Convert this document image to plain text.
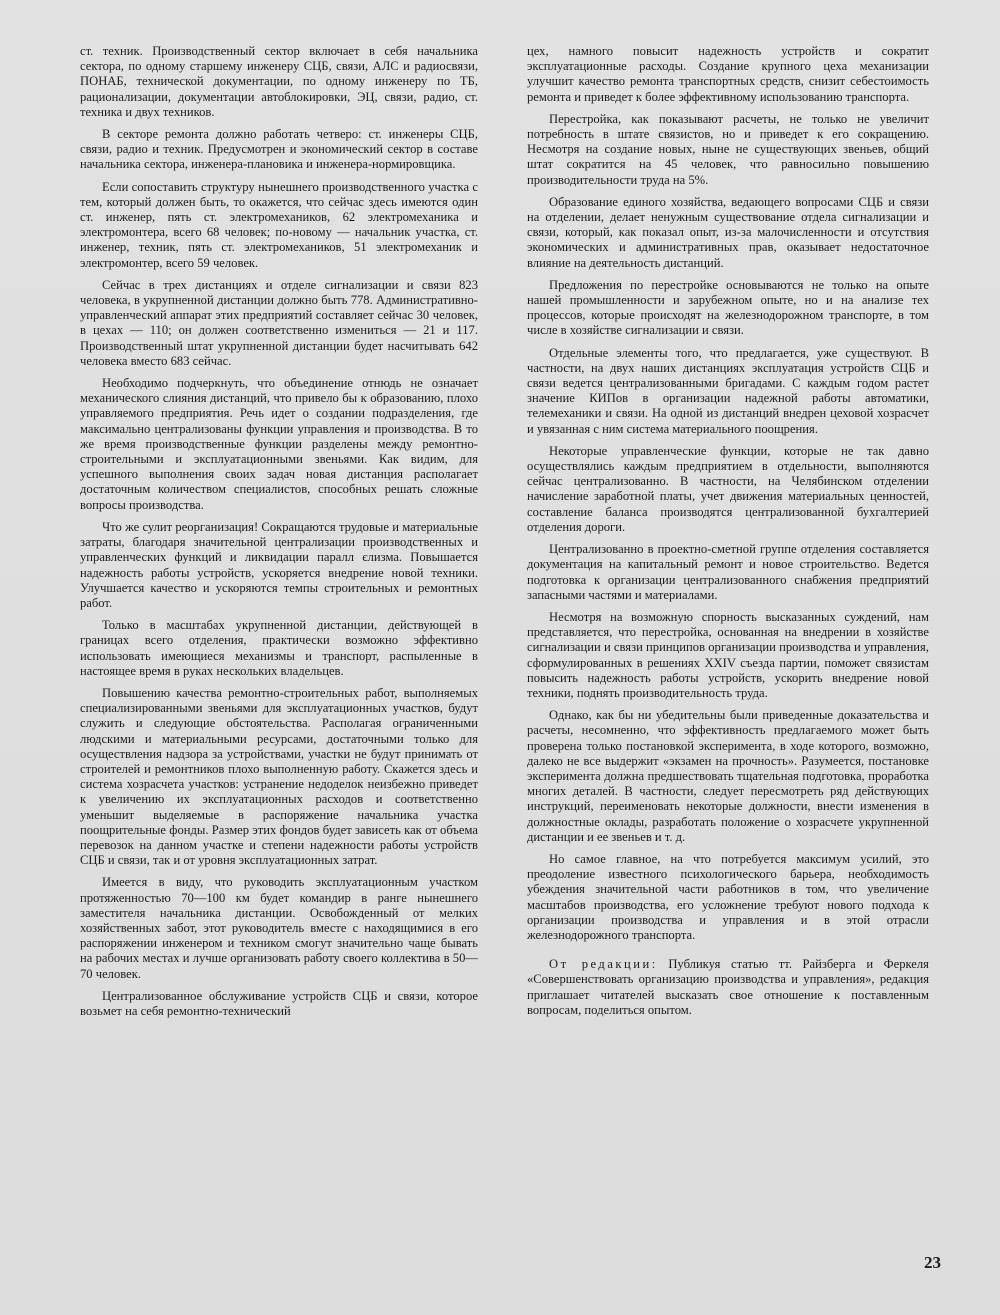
ст. техник. Производственный сектор включает в себя начальника сектора, по одному старшему инженеру СЦБ, связи, АЛС и радиосвязи, ПОНАБ, технической документации, по одному инженеру по ТБ, рационализации, документации автоблокировки, ЭЦ, связи, радио, ст. техника и двух техников.

В секторе ремонта должно работать четверо: ст. инженеры СЦБ, связи, радио и техник. Предусмотрен и экономический сектор в составе начальника сектора, инженера-плановика и инженера-нормировщика.

Если сопоставить структуру нынешнего производственного участка с тем, который должен быть, то окажется, что сейчас здесь имеются один ст. инженер, пять ст. электромехаников, 62 электромеханика и электромонтера, всего 68 человек; по-новому — начальник участка, ст. инженер, техник, пять ст. электромехаников, 51 электромеханик и электромонтер, всего 59 человек.

Сейчас в трех дистанциях и отделе сигнализации и связи 823 человека, в укрупненной дистанции должно быть 778. Административно-управленческий аппарат этих предприятий составляет сейчас 30 человек, в цехах — 110; он должен соответственно измениться — 21 и 117. Производственный штат укрупненной дистанции будет насчитывать 642 человека вместо 683 сейчас.

Необходимо подчеркнуть, что объединение отнюдь не означает механического слияния дистанций, что привело бы к образованию, плохо управляемого предприятия. Речь идет о создании подразделения, где максимально централизованы функции управления и производства. В то же время производственные функции разделены между ремонтно-строительными и эксплуатационными звеньями. Как видим, для успешного выполнения своих задач новая дистанция располагает достаточным количеством специалистов, способных решать сложные вопросы производства.

Что же сулит реорганизация! Сокращаются трудовые и материальные затраты, благодаря значительной централизации производственных и управленческих функций и ликвидации паралл єлизма. Повышается надежность работы устройств, ускоряется внедрение новой техники. Улучшается качество и ускоряются темпы строительных и ремонтных работ.

Только в масштабах укрупненной дистанции, действующей в границах всего отделения, практически возможно эффективно использовать имеющиеся механизмы и транспорт, распыленные в настоящее время в руках нескольких владельцев.

Повышению качества ремонтно-строительных работ, выполняемых специализированными звеньями для эксплуатационных участков, будут служить и следующие обстоятельства. Располагая ограниченными людскими и материальными ресурсами, достаточными только для осуществления надзора за устройствами, участки не будут принимать от строителей и ремонтников плохо выполненную работу. Скажется здесь и система хозрасчета участков: устранение недоделок неизбежно приведет к увеличению их эксплуатационных расходов и соответственно уменьшит выделяемые в распоряжение начальника участка поощрительные фонды. Размер этих фондов будет зависеть как от объема перевозок на данном участке и степени надежности работы устройств СЦБ и связи, так и от уровня эксплуатационных затрат.

Имеется в виду, что руководить эксплуатационным участком протяженностью 70—100 км будет командир в ранге нынешнего заместителя начальника дистанции. Освобожденный от мелких хозяйственных забот, этот руководитель вместе с находящимися в его распоряжении инженером и техником смогут значительно чаще бывать на рабочих местах и лучше организовать работу своего коллектива в 50—70 человек.

Централизованное обслуживание устройств СЦБ и связи, которое возьмет на себя ремонтно-технический

цех, намного повысит надежность устройств и сократит эксплуатационные расходы. Создание крупного цеха механизации улучшит качество ремонта транспортных средств, снизит себестоимость ремонта и приведет к более эффективному использованию транспорта.

Перестройка, как показывают расчеты, не только не увеличит потребность в штате связистов, но и приведет к его сокращению. Несмотря на создание новых, ныне не существующих звеньев, общий штат сократится на 45 человек, что равносильно повышению производительности труда на 5%.

Образование единого хозяйства, ведающего вопросами СЦБ и связи на отделении, делает ненужным существование отдела сигнализации и связи, который, как показал опыт, из-за малочисленности и отсутствия экономических и административных прав, оказывает недостаточное влияние на деятельность дистанций.

Предложения по перестройке основываются не только на опыте нашей промышленности и зарубежном опыте, но и на анализе тех процессов, которые происходят на железнодорожном транспорте, в том числе в хозяйстве сигнализации и связи.

Отдельные элементы того, что предлагается, уже существуют. В частности, на двух наших дистанциях эксплуатация устройств СЦБ и связи ведется централизованными бригадами. С каждым годом растет значение КИПов в организации надежной работы автоматики, телемеханики и связи. На одной из дистанций внедрен цеховой хозрасчет и увязанная с ним система материального поощрения.

Некоторые управленческие функции, которые не так давно осуществлялись каждым предприятием в отдельности, выполняются сейчас централизованно. В частности, на Челябинском отделении начисление заработной платы, учет движения материальных ценностей, составление баланса производятся централизованной бухгалтерией отделения дороги.

Централизованно в проектно-сметной группе отделения составляется документация на капитальный ремонт и новое строительство. Ведется подготовка к организации централизованного снабжения предприятий запасными частями и материалами.

Несмотря на возможную спорность высказанных суждений, нам представляется, что перестройка, основанная на внедрении в хозяйстве сигнализации и связи принципов организации производства и управления, сформулированных в решениях XXIV съезда партии, поможет связистам повысить надежность работы устройств, ускорить внедрение новой техники, поднять производительность труда.

Однако, как бы ни убедительны были приведенные доказательства и расчеты, несомненно, что эффективность предлагаемого может быть проверена только постановкой эксперимента, в ходе которого, возможно, далеко не все выдержит «экзамен на прочность». Разумеется, постановке эксперимента должна предшествовать тщательная подготовка, проработка многих деталей. В частности, следует пересмотреть ряд действующих инструкций, переименовать некоторые должности, внести изменения в должностные оклады, разработать положение о хозрасчете укрупненной дистанции и ее звеньев и т. д.

Но самое главное, на что потребуется максимум усилий, это преодоление известного психологического барьера, необходимость убеждения значительной части работников в том, что увеличение масштабов производства, его усложнение требуют нового подхода к организации производства и управления и в этой отрасли железнодорожного транспорта.

От редакции: Публикуя статью тт. Райзберга и Феркеля «Совершенствовать организацию производства и управления», редакция приглашает читателей высказать свое отношение к поставленным вопросам, поделиться опытом.

23
